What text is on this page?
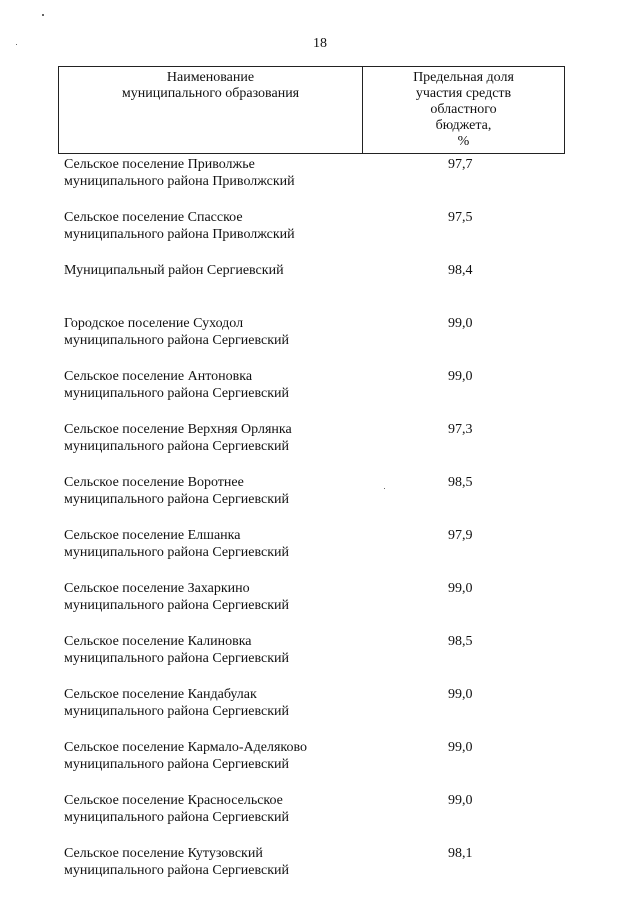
18
Наименование
муниципального образования
Предельная доля
участия средств
областного
бюджета,
%
Сельское поселение Приволжье
муниципального района Приволжский
97,7
Сельское поселение Спасское
муниципального района Приволжский
97,5
Муниципальный район Сергиевский	98,4
Городское поселение Суходол
муниципального района Сергиевский
99,0
Сельское поселение Антоновка
муниципального района Сергиевский
99,0
Сельское поселение Верхняя Орлянка
муниципального района Сергиевский
97,3
Сельское поселение Воротнее
муниципального района Сергиевский
98,5
Сельское поселение Елшанка
муниципального района Сергиевский
97,9
Сельское поселение Захаркино
муниципального района Сергиевский
99,0
Сельское поселение Калиновка
муниципального района Сергиевский
98,5
Сельское поселение Кандабулак
муниципального района Сергиевский
99,0
Сельское поселение Кармало-Аделяково
муниципального района Сергиевский
99,0
Сельское поселение Красносельское
муниципального района Сергиевский
99,0
Сельское поселение Кутузовский
муниципального района Сергиевский
98,1
